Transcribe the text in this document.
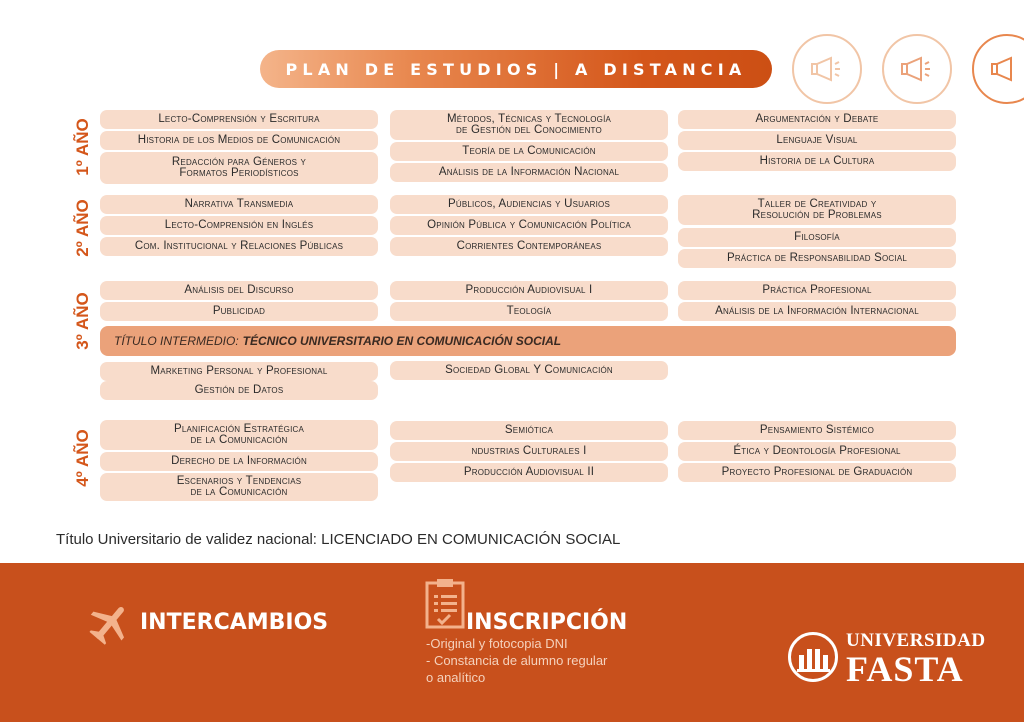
PLAN DE ESTUDIOS | A DISTANCIA
1º AÑO
2º AÑO
3º AÑO
4º AÑO
Lecto-Comprensión y Escritura
Historia de los Medios de Comunicación
Redacción para Géneros y
Formatos Periodísticos
Métodos, Técnicas y Tecnología
de Gestión del Conocimiento
Teoría de la Comunicación
Análisis de la Información Nacional
Argumentación y Debate
Lenguaje Visual
Historia de la Cultura
Narrativa Transmedia
Lecto-Comprensión en Inglés
Com. Institucional y Relaciones Públicas
Públicos, Audiencias y Usuarios
Opinión Pública y Comunicación Política
Corrientes Contemporáneas
Taller de Creatividad y
Resolución de Problemas
Filosofía
Práctica de Responsabilidad Social
Análisis del Discurso
Publicidad
Producción Audiovisual I
Teología
Práctica Profesional
Análisis de la Información Internacional
TÍTULO INTERMEDIO: TÉCNICO UNIVERSITARIO EN COMUNICACIÓN SOCIAL
Marketing Personal y Profesional
Gestión de Datos
Sociedad Global Y Comunicación
Planificación Estratégica
de la Comunicación
Derecho de la Información
Escenarios y Tendencias
de la Comunicación
Semiótica
ndustrias Culturales I
Producción Audiovisual II
Pensamiento Sistémico
Ética y Deontología Profesional
Proyecto Profesional de Graduación
Título Universitario de validez nacional: LICENCIADO EN COMUNICACIÓN SOCIAL
INTERCAMBIOS	INSCRIPCIÓN
-Original y fotocopia DNI
- Constancia de alumno regular
o analítico
UNIVERSIDAD
FASTA
